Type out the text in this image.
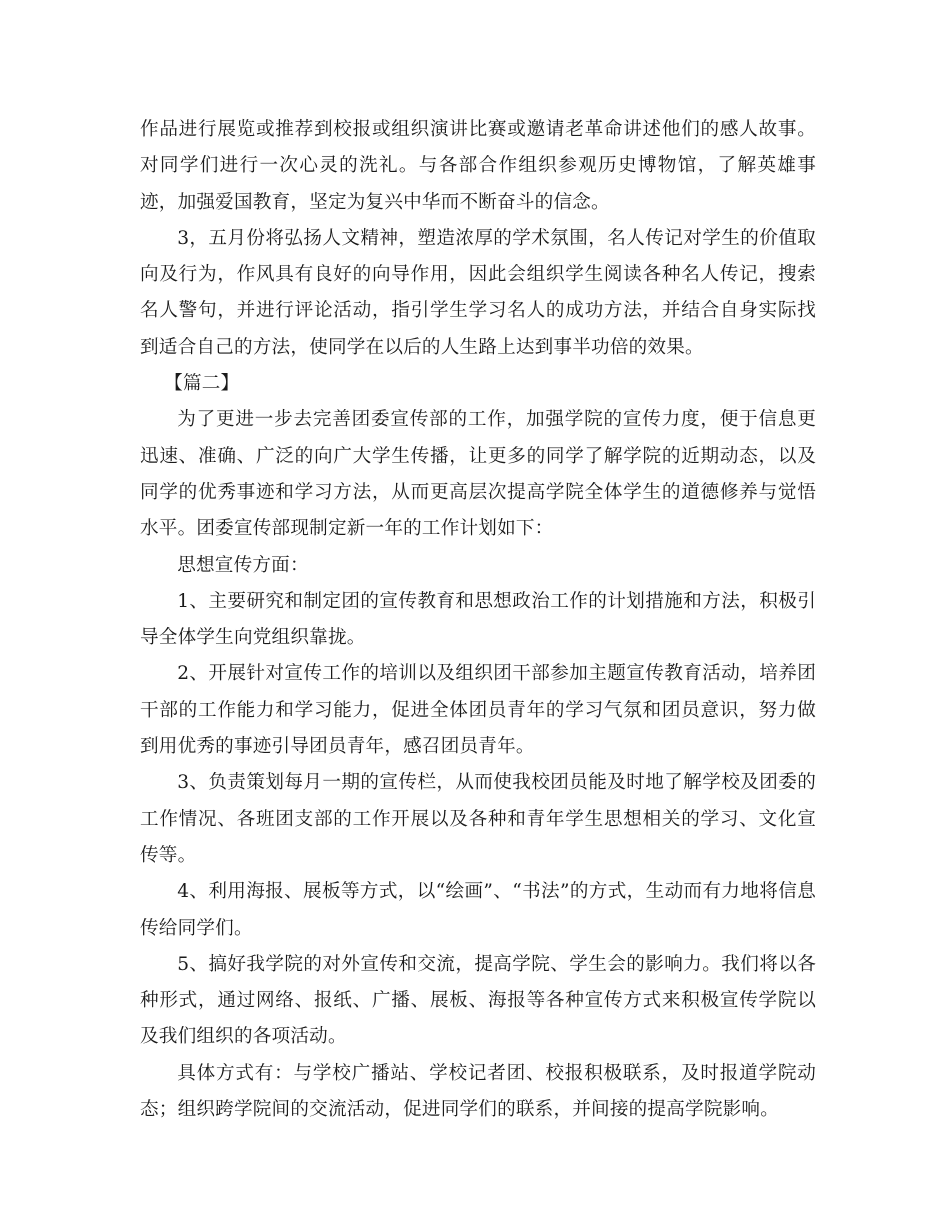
作品进行展览或推荐到校报或组织演讲比赛或邀请老革命讲述他们的感人故事。对同学们进行一次心灵的洗礼。与各部合作组织参观历史博物馆，了解英雄事迹，加强爱国教育，坚定为复兴中华而不断奋斗的信念。

3，五月份将弘扬人文精神，塑造浓厚的学术氛围，名人传记对学生的价值取向及行为，作风具有良好的向导作用，因此会组织学生阅读各种名人传记，搜索名人警句，并进行评论活动，指引学生学习名人的成功方法，并结合自身实际找到适合自己的方法，使同学在以后的人生路上达到事半功倍的效果。

【篇二】

为了更进一步去完善团委宣传部的工作，加强学院的宣传力度，便于信息更迅速、准确、广泛的向广大学生传播，让更多的同学了解学院的近期动态，以及同学的优秀事迹和学习方法，从而更高层次提高学院全体学生的道德修养与觉悟水平。团委宣传部现制定新一年的工作计划如下：

思想宣传方面：

1、主要研究和制定团的宣传教育和思想政治工作的计划措施和方法，积极引导全体学生向党组织靠拢。

2、开展针对宣传工作的培训以及组织团干部参加主题宣传教育活动，培养团干部的工作能力和学习能力，促进全体团员青年的学习气氛和团员意识，努力做到用优秀的事迹引导团员青年，感召团员青年。

3、负责策划每月一期的宣传栏，从而使我校团员能及时地了解学校及团委的工作情况、各班团支部的工作开展以及各种和青年学生思想相关的学习、文化宣传等。

4、利用海报、展板等方式，以“绘画”、“书法”的方式，生动而有力地将信息传给同学们。

5、搞好我学院的对外宣传和交流，提高学院、学生会的影响力。我们将以各种形式，通过网络、报纸、广播、展板、海报等各种宣传方式来积极宣传学院以及我们组织的各项活动。

具体方式有：与学校广播站、学校记者团、校报积极联系，及时报道学院动态；组织跨学院间的交流活动，促进同学们的联系，并间接的提高学院影响。
